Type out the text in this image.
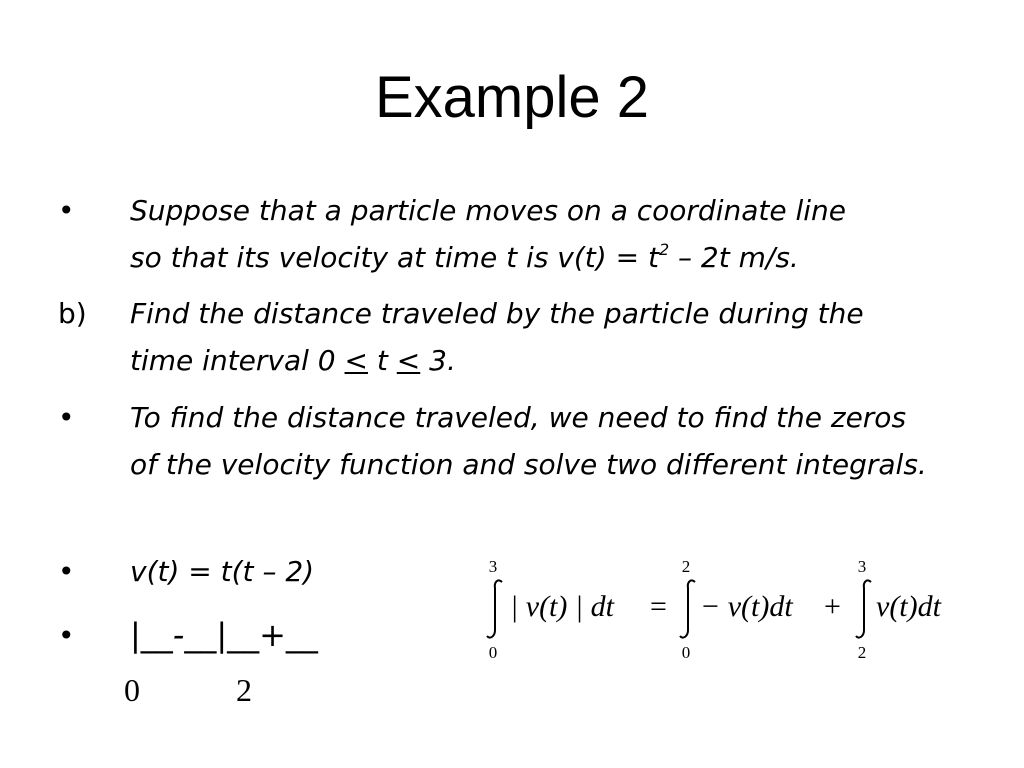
Example 2
•	Suppose that a particle moves on a coordinate line
so that its velocity at time t is $v(t) = t^2 - 2t$ m/s.
b)	Find the distance traveled by the particle during the
time interval 0 ≤ t ≤ 3.
•	To find the distance traveled, we need to find the zeros of the velocity function and solve two different integrals.
•	v(t) = t(t – 2)
•	|__-__|__+__
0	2
3
0
| v(t) | dt =
2
0
− v(t)dt +
3
2
v(t)dt
